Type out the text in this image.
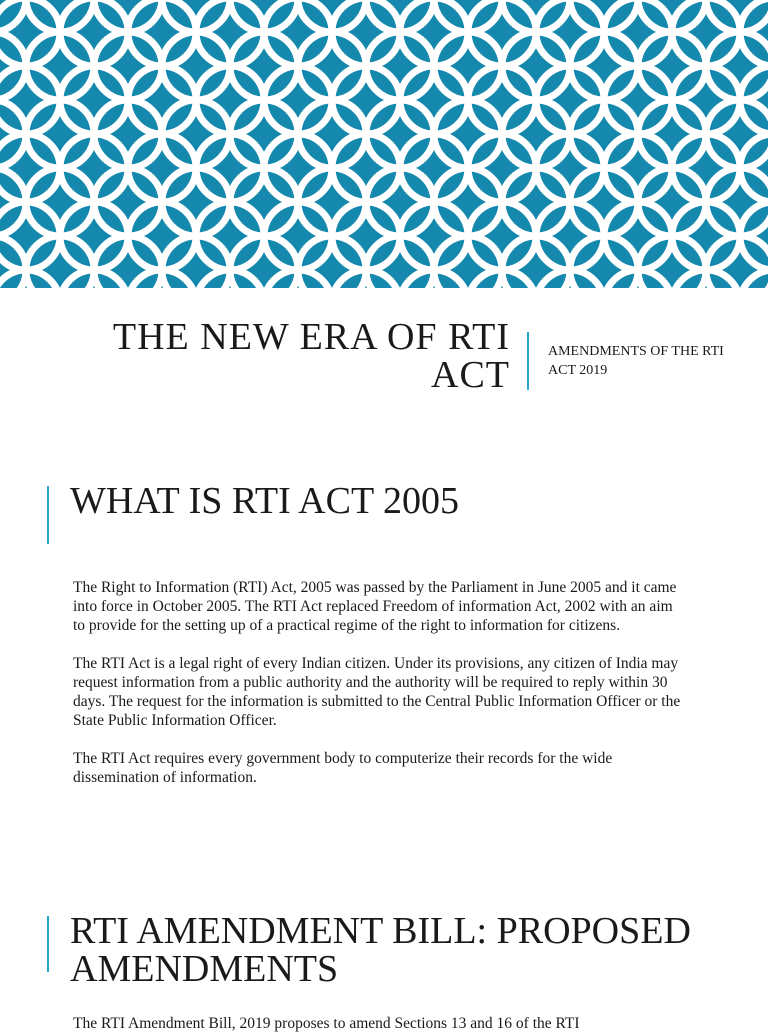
THE NEW ERA OF RTI ACT

AMENDMENTS OF THE RTI ACT 2019

WHAT IS RTI ACT 2005

The Right to Information (RTI) Act, 2005 was passed by the Parliament in June 2005 and it came into force in October 2005. The RTI Act replaced Freedom of information Act, 2002 with an aim to provide for the setting up of a practical regime of the right to information for citizens.

The RTI Act is a legal right of every Indian citizen. Under its provisions, any citizen of India may request information from a public authority and the authority will be required to reply within 30 days. The request for the information is submitted to the Central Public Information Officer or the State Public Information Officer.

The RTI Act requires every government body to computerize their records for the wide dissemination of information.

RTI AMENDMENT BILL: PROPOSED AMENDMENTS

The RTI Amendment Bill, 2019 proposes to amend Sections 13 and 16 of the RTI
